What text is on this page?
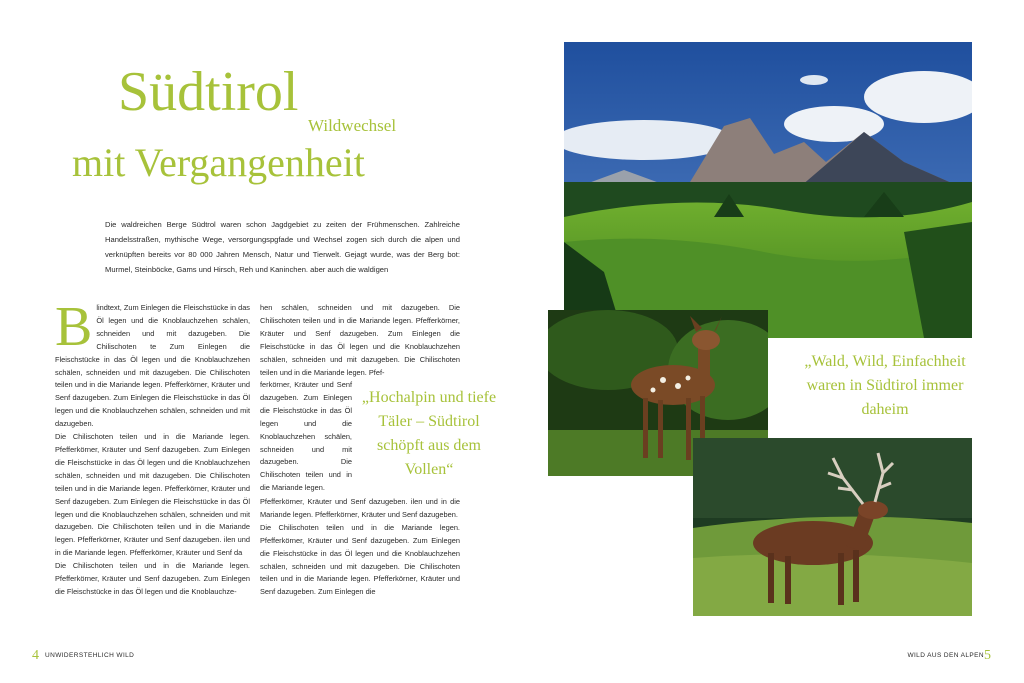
Südtirol
Wildwechsel
mit Vergangenheit

Die waldreichen Berge Südtrol waren schon Jagdgebiet zu zeiten der Frühmenschen. Zahlreiche Handelsstraßen, mythische Wege, versorgungspgfade und Wechsel zogen sich durch die alpen und verknüpften bereits vor 80 000 Jahren Mensch, Natur und Tierwelt. Gejagt wurde, was der Berg bot: Murmel, Steinböcke, Gams und Hirsch, Reh und Kaninchen. aber auch die waldigen

Blindtext, Zum Einlegen die Fleischstücke in das Öl legen und die Knoblauchzehen schälen, schneiden und mit dazugeben. Die Chilischoten te Zum Einlegen die Fleischstücke in das Öl legen und die Knoblauchzehen schälen, schneiden und mit dazugeben. Die Chilischoten teilen und in die Mariande legen. Pfefferkörner, Kräuter und Senf dazugeben. Zum Einlegen die Fleischstücke in das Öl legen und die Knoblauchzehen schälen, schneiden und mit dazugeben.

Die Chilischoten teilen und in die Mariande legen. Pfefferkörner, Kräuter und Senf dazugeben. Zum Einlegen die Fleischstücke in das Öl legen und die Knoblauchzehen schälen, schneiden und mit dazugeben. Die Chilischoten teilen und in die Mariande legen. Pfefferkörner, Kräuter und Senf dazugeben. Zum Einlegen die Fleischstücke in das Öl legen und die Knoblauchzehen schälen, schneiden und mit dazugeben. Die Chilischoten teilen und in die Mariande legen. Pfefferkörner, Kräuter und Senf dazugeben. ilen und in die Mariande legen. Pfefferkörner, Kräuter und Senf da

Die Chilischoten teilen und in die Mariande legen. Pfefferkörner, Kräuter und Senf dazugeben. Zum Einlegen die Fleischstücke in das Öl legen und die Knoblauchze-

hen schälen, schneiden und mit dazugeben. Die Chilischoten teilen und in die Mariande legen. Pfefferkörner, Kräuter und Senf dazugeben. Zum Einlegen die Fleischstücke in das Öl legen und die Knoblauchzehen schälen, schneiden und mit dazugeben. Die Chilischoten teilen und in die Mariande legen. Pfef-

ferkörner, Kräuter und Senf dazugeben. Zum Einlegen die Fleischstücke in das Öl legen und die Knoblauchzehen schälen, schneiden und mit dazugeben. Die Chilischoten teilen und in die Mariande legen.

Pfefferkörner, Kräuter und Senf dazugeben. ilen und in die Mariande legen. Pfefferkörner, Kräuter und Senf dazugeben.

Die Chilischoten teilen und in die Mariande legen. Pfefferkörner, Kräuter und Senf dazugeben. Zum Einlegen die Fleischstücke in das Öl legen und die Knoblauchzehen schälen, schneiden und mit dazugeben. Die Chilischoten teilen und in die Mariande legen. Pfefferkörner, Kräuter und Senf dazugeben. Zum Einlegen die

„Hochalpin und tiefe Täler – Südtirol schöpft aus dem Vollen“
„Wald, Wild, Einfachheit waren in Südtirol immer daheim
4 UNWIDERSTEHLICH WILD	WILD AUS DEN ALPEN 5
